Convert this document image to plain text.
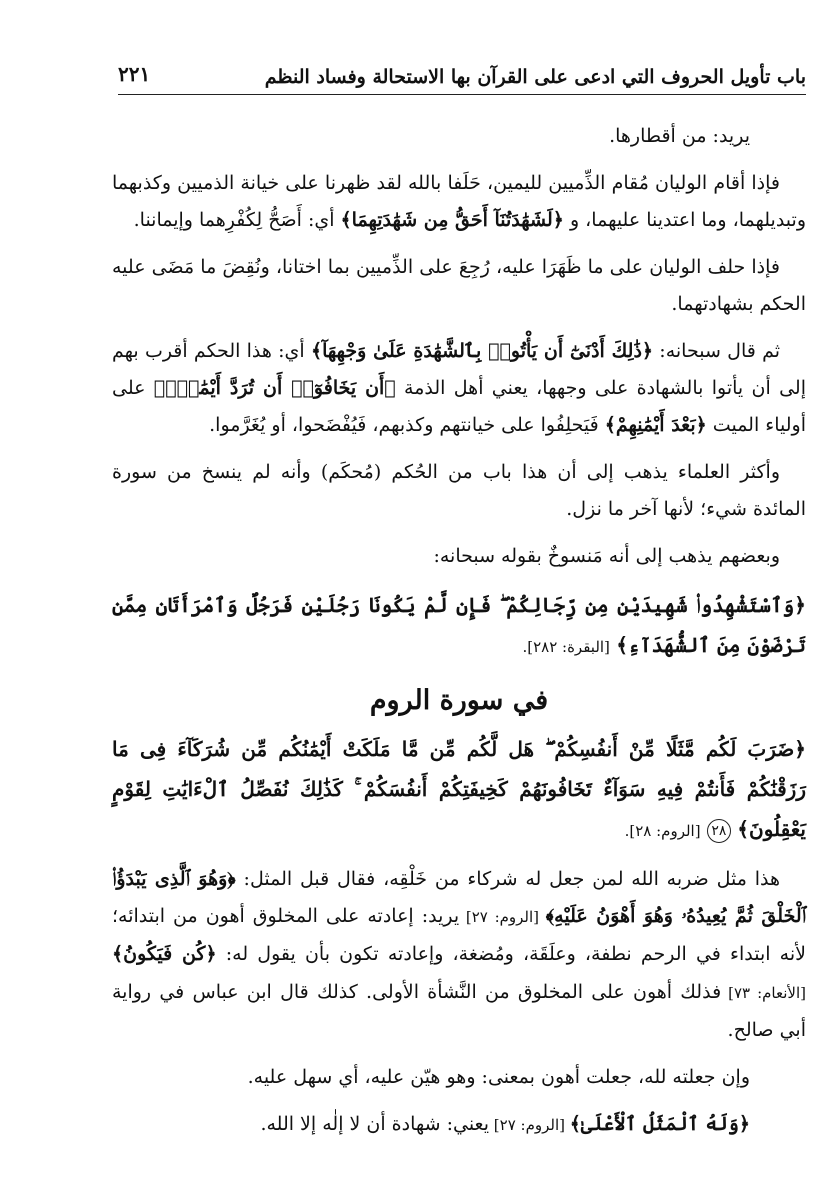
باب تأويل الحروف التي ادعى على القرآن بها الاستحالة وفساد النظم
٢٢١

يريد: من أقطارها.

فإذا أقام الوليان مُقام الذِّميين لليمين، حَلَفا بالله لقد ظهرنا على خيانة الذميين وكذبهما وتبديلهما، وما اعتدينا عليهما، و ﴿لَشَهَٰدَتُنَآ أَحَقُّ مِن شَهَٰدَتِهِمَا﴾ أي: أَصَحُّ لِكُفْرِهما وإيماننا.

فإذا حلف الوليان على ما ظَهَرَا عليه، رُجِعَ على الذِّميين بما اختانا، ونُقِضَ ما مَضَى عليه الحكم بشهادتهما.

ثم قال سبحانه: ﴿ذَٰلِكَ أَدْنَىٰٓ أَن يَأْتُوا۟ بِٱلشَّهَٰدَةِ عَلَىٰ وَجْهِهَآ﴾ أي: هذا الحكم أقرب بهم إلى أن يأتوا بالشهادة على وجهها، يعني أهل الذمة ﴿أَن يَخَافُوٓا۟ أَن تُرَدَّ أَيْمَٰنٌۢ﴾ على أولياء الميت ﴿بَعْدَ أَيْمَٰنِهِمْ﴾ فَيَحلِفُوا على خيانتهم وكذبهم، فَيُفْضَحوا، أو يُغَرَّموا.

وأكثر العلماء يذهب إلى أن هذا باب من الحُكم (مُحكَم) وأنه لم ينسخ من سورة المائدة شيء؛ لأنها آخر ما نزل.

وبعضهم يذهب إلى أنه مَنسوخٌ بقوله سبحانه:

﴿وَٱسْتَشْهِدُوا۟ شَهِيدَيْنِ مِن رِّجَالِكُمْ ۖ فَإِن لَّمْ يَكُونَا رَجُلَيْنِ فَرَجُلٌ وَٱمْرَأَتَانِ مِمَّن تَرْضَوْنَ مِنَ ٱلشُّهَدَآءِ﴾ [البقرة: ٢٨٢].

في سورة الروم

﴿ضَرَبَ لَكُم مَّثَلًا مِّنْ أَنفُسِكُمْ ۖ هَل لَّكُم مِّن مَّا مَلَكَتْ أَيْمَٰنُكُم مِّن شُرَكَآءَ فِى مَا رَزَقْنَٰكُمْ فَأَنتُمْ فِيهِ سَوَآءٌ تَخَافُونَهُمْ كَخِيفَتِكُمْ أَنفُسَكُمْ ۚ كَذَٰلِكَ نُفَصِّلُ ٱلْءَايَٰتِ لِقَوْمٍ يَعْقِلُونَ﴾ ٢٨ [الروم: ٢٨].

هذا مثل ضربه الله لمن جعل له شركاء من خَلْقِه، فقال قبل المثل: ﴿وَهُوَ ٱلَّذِى يَبْدَؤُا۟ ٱلْخَلْقَ ثُمَّ يُعِيدُهُۥ وَهُوَ أَهْوَنُ عَلَيْهِ﴾ [الروم: ٢٧] يريد: إعادته على المخلوق أهون من ابتدائه؛ لأنه ابتداء في الرحم نطفة، وعلَقَة، ومُضغة، وإعادته تكون بأن يقول له: ﴿كُن فَيَكُونُ﴾ [الأنعام: ٧٣] فذلك أهون على المخلوق من النَّشأة الأولى. كذلك قال ابن عباس في رواية أبي صالح.

وإن جعلته لله، جعلت أهون بمعنى: وهو هيّن عليه، أي سهل عليه.

﴿وَلَهُ ٱلْمَثَلُ ٱلْأَعْلَىٰ﴾ [الروم: ٢٧] يعني: شهادة أن لا إلٰه إلا الله.
